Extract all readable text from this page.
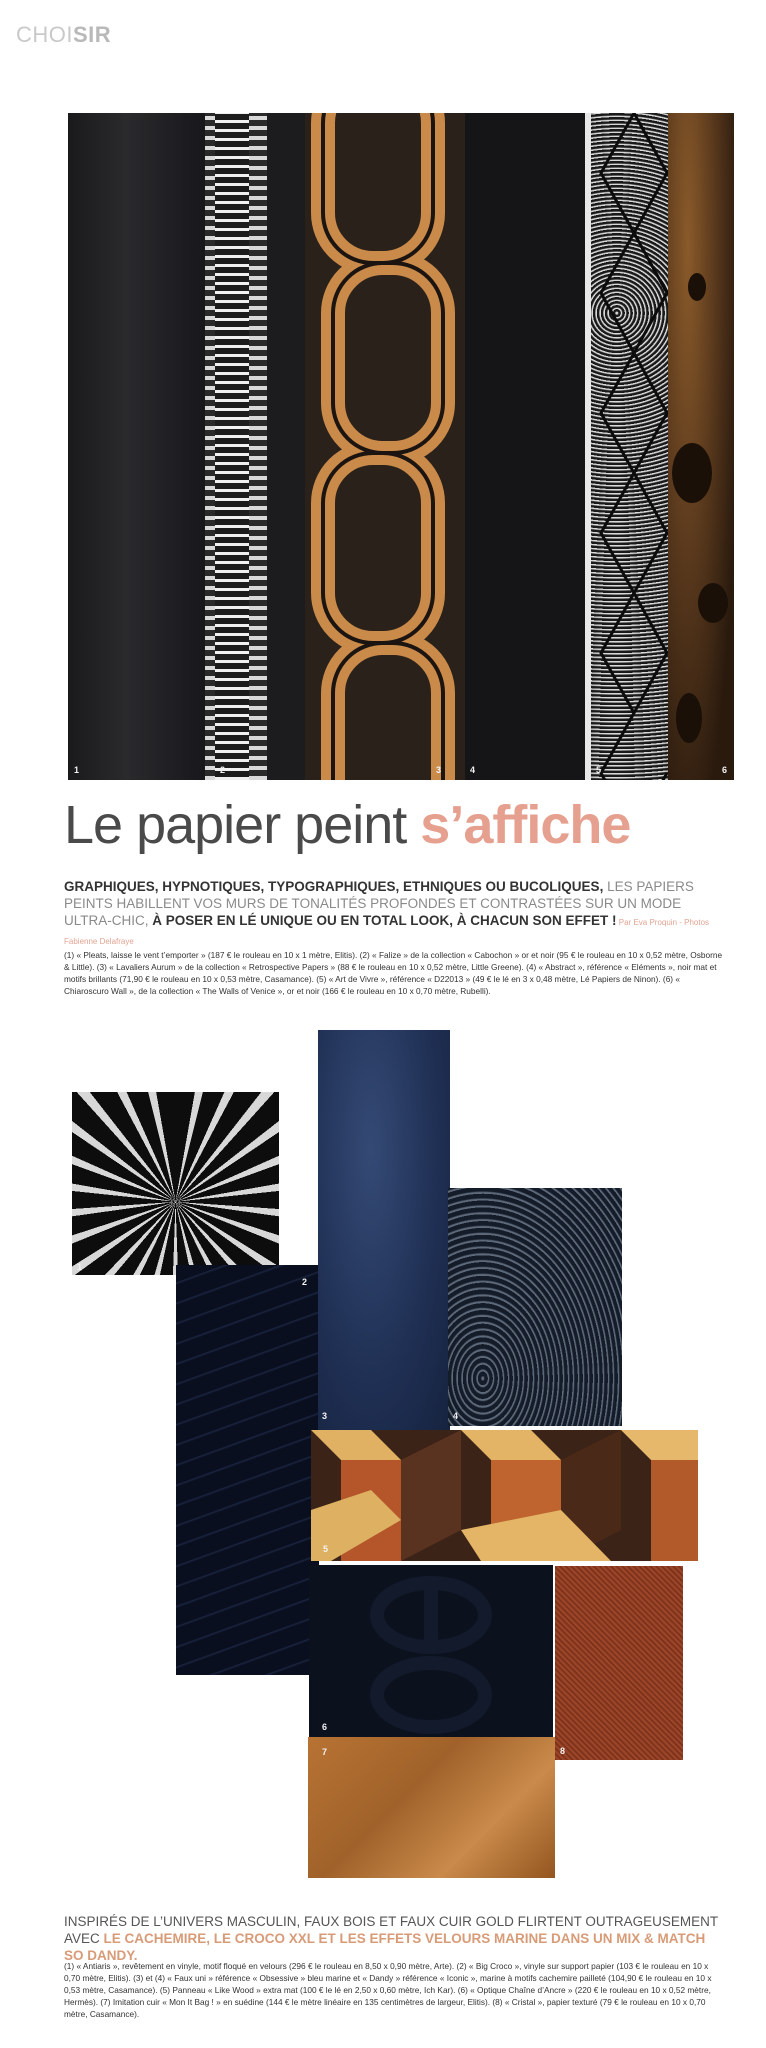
CHOISIR
1	2	3	4	5	6
Le papier peint s’affiche
GRAPHIQUES, HYPNOTIQUES, TYPOGRAPHIQUES, ETHNIQUES OU BUCOLIQUES, LES PAPIERS PEINTS HABILLENT VOS MURS DE TONALITÉS PROFONDES ET CONTRASTÉES SUR UN MODE ULTRA-CHIC, À POSER EN LÉ UNIQUE OU EN TOTAL LOOK, À CHACUN SON EFFET ! Par Eva Proquin - Photos Fabienne Delafraye

(1) « Pleats, laisse le vent t’emporter » (187 € le rouleau en 10 x 1 mètre, Elitis). (2) « Falize » de la collection « Cabochon » or et noir (95 € le rouleau en 10 x 0,52 mètre, Osborne & Little). (3) « Lavaliers Aurum » de la collection « Retrospective Papers » (88 € le rouleau en 10 x 0,52 mètre, Little Greene). (4) « Abstract », référence « Eléments », noir mat et motifs brillants (71,90 € le rouleau en 10 x 0,53 mètre, Casamance). (5) « Art de Vivre », référence « D22013 » (49 € le lé en 3 x 0,48 mètre, Lé Papiers de Ninon). (6) « Chiaroscuro Wall », de la collection « The Walls of Venice », or et noir (166 € le rouleau en 10 x 0,70 mètre, Rubelli).

2
1
3	4
5
6
7	8
INSPIRÉS DE L’UNIVERS MASCULIN, FAUX BOIS ET FAUX CUIR GOLD FLIRTENT OUTRAGEUSEMENT AVEC LE CACHEMIRE, LE CROCO XXL ET LES EFFETS VELOURS MARINE DANS UN MIX & MATCH SO DANDY.

(1) « Antiaris », revêtement en vinyle, motif floqué en velours (296 € le rouleau en 8,50 x 0,90 mètre, Arte). (2) « Big Croco », vinyle sur support papier (103 € le rouleau en 10 x 0,70 mètre, Elitis). (3) et (4) « Faux uni » référence « Obsessive » bleu marine et « Dandy » référence « Iconic », marine à motifs cachemire pailleté (104,90 € le rouleau en 10 x 0,53 mètre, Casamance). (5) Panneau « Like Wood » extra mat (100 € le lé en 2,50 x 0,60 mètre, Ich Kar). (6) « Optique Chaîne d’Ancre » (220 € le rouleau en 10 x 0,52 mètre, Hermès). (7) Imitation cuir « Mon It Bag ! » en suédine (144 € le mètre linéaire en 135 centimètres de largeur, Elitis). (8) « Cristal », papier texturé (79 € le rouleau en 10 x 0,70 mètre, Casamance).
